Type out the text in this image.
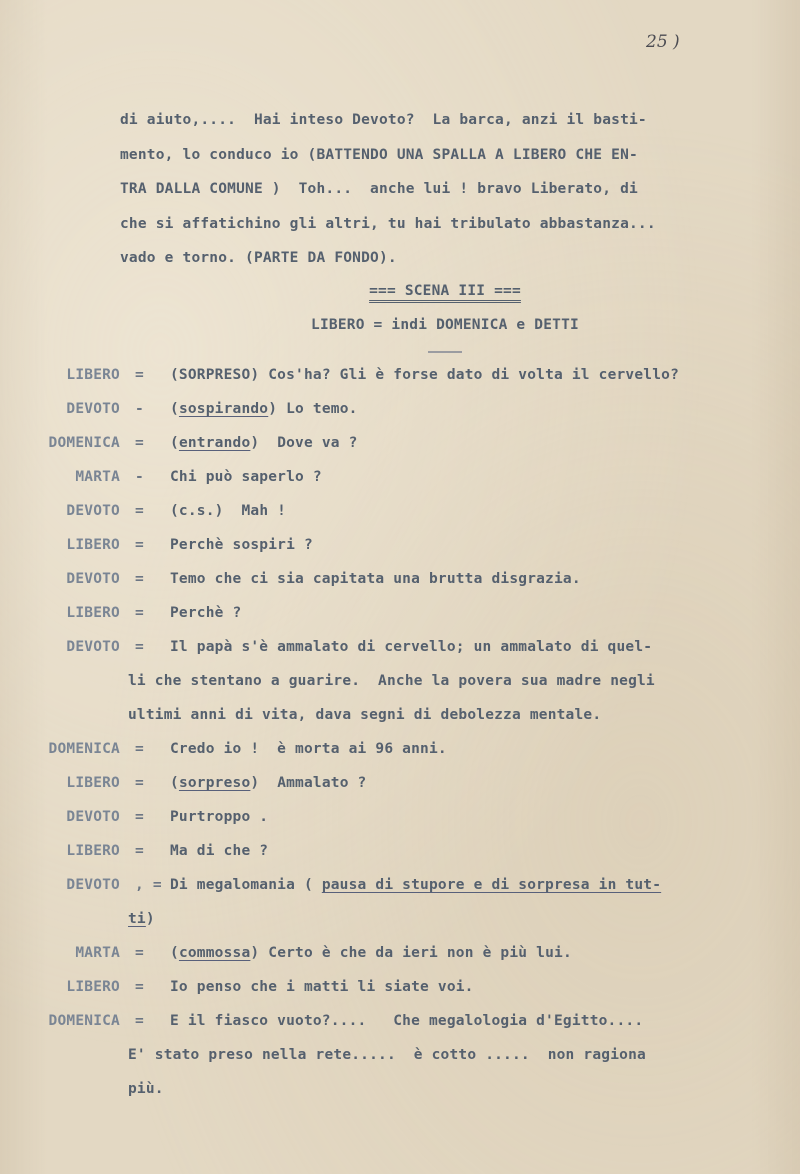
25 )
di aiuto,....  Hai inteso Devoto?  La barca, anzi il basti-
mento, lo conduco io (BATTENDO UNA SPALLA A LIBERO CHE EN-
TRA DALLA COMUNE )  Toh...  anche lui ! bravo Liberato, di
che si affatichino gli altri, tu hai tribulato abbastanza...
vado e torno. (PARTE DA FONDO).
=== SCENA III ===
LIBERO = indi DOMENICA e DETTI
LIBERO = (SORPRESO) Cos'ha? Gli è forse dato di volta il cervello?
DEVOTO - (sospirando) Lo temo.
DOMENICA = (entrando)  Dove va ?
MARTA - Chi può saperlo ?
DEVOTO = (c.s.)  Mah !
LIBERO = Perchè sospiri ?
DEVOTO = Temo che ci sia capitata una brutta disgrazia.
LIBERO = Perchè ?
DEVOTO = Il papà s'è ammalato di cervello; un ammalato di quel-
li che stentano a guarire.  Anche la povera sua madre negli
ultimi anni di vita, dava segni di debolezza mentale.
DOMENICA = Credo io !  è morta ai 96 anni.
LIBERO = (sorpreso)  Ammalato ?
DEVOTO = Purtroppo .
LIBERO = Ma di che ?
DEVOTO , = Di megalomania ( pausa di stupore e di sorpresa in tut-
ti)
MARTA = (commossa) Certo è che da ieri non è più lui.
LIBERO = Io penso che i matti li siate voi.
DOMENICA = E il fiasco vuoto?....   Che megalologia d'Egitto....
E' stato preso nella rete.....  è cotto .....  non ragiona
più.
